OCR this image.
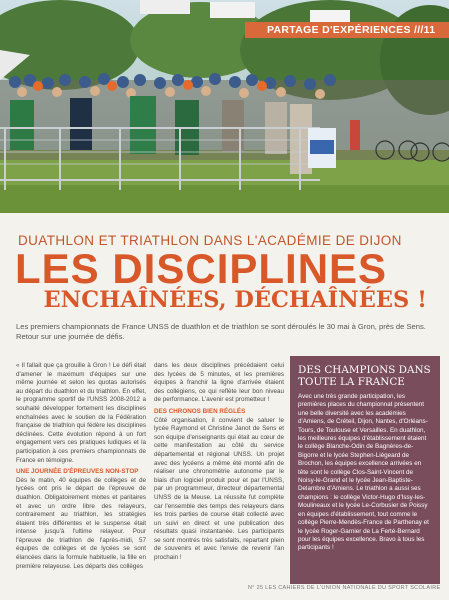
PARTAGE D'EXPÉRIENCES ///11
DUATHLON ET TRIATHLON DANS L'ACADÉMIE DE DIJON
LES DISCIPLINES
ENCHAÎNÉES, DÉCHAÎNÉES !
Les premiers championnats de France UNSS de duathlon et de triathlon se sont déroulés le 30 mai à Gron, près de Sens. Retour sur une journée de défis.

« Il fallait que ça grouille à Gron ! Le défi était d'amener le maximum d'équipes sur une même journée et selon les quotas autorisés au départ du duathlon et du triathlon. En effet, le programme sportif de l'UNSS 2008-2012 a souhaité développer fortement les disciplines enchaînées avec le soutien de la Fédération française de triathlon qui fédère les disciplines déclinées. Cette évolution répond à un fort engagement vers ces pratiques ludiques et la participation à ces premiers championnats de France en témoigne.

UNE JOURNÉE D'ÉPREUVES NON-STOP

Dès le matin, 40 équipes de collèges et de lycées ont pris le départ de l'épreuve de duathlon. Obligatoirement mixtes et paritaires et avec un ordre libre des relayeurs, contrairement au triathlon, les stratégies étaient très différentes et le suspense était intense jusqu'à l'ultime relayeur. Pour l'épreuve de triathlon de l'après-midi, 57 équipes de collèges et de lycées se sont élancées dans la formule habituelle, la fille en première relayeuse. Les départs des collèges

dans les deux disciplines précédaient celui des lycées de 5 minutes, et les premières équipes à franchir la ligne d'arrivée étaient des collégiens, ce qui reflète leur bon niveau de performance. L'avenir est prometteur !

DES CHRONOS BIEN RÉGLÉS

Côté organisation, il convient de saluer le lycée Raymond et Christine Janot de Sens et son équipe d'enseignants qui était au cœur de cette manifestation au côté du service départemental et régional UNSS. Un projet avec des lycéens a même été monté afin de réaliser une chronométrie autonome par le biais d'un logiciel produit pour et par l'UNSS, par un programmeur, directeur départemental UNSS de la Meuse. La réussite fut complète car l'ensemble des temps des relayeurs dans les trois parties de course était collecté avec un suivi en direct et une publication des résultats quasi instantanée. Les participants se sont montrés très satisfaits, repartant plein de souvenirs et avec l'envie de revenir l'an prochain !

DES CHAMPIONS DANS TOUTE LA FRANCE
Avec une très grande participation, les premières places du championnat présentent une belle diversité avec les académies d'Amiens, de Créteil, Dijon, Nantes, d'Orléans-Tours, de Toulouse et Versailles. En duathlon, les meilleures équipes d'établissement étaient le collège Blanche-Odin de Bagnères-de-Bigorre et le lycée Stephen-Liégeard de Brochon, les équipes excellence arrivées en tête sont le collège Clos-Saint-Vincent de Noisy-le-Grand et le lycée Jean-Baptiste-Delambre d'Amiens. Le triathlon a aussi ses champions : le collège Victor-Hugo d'Issy-les-Moulineaux et le lycée Le-Corbusier de Poissy en équipes d'établissement, tout comme le collège Pierre-Mendès-France de Parthenay et le lycée Roger-Garnier de La Ferté-Bernard pour les équipes excellence. Bravo à tous les participants !
N° 25 LES CAHIERS DE L'UNION NATIONALE DU SPORT SCOLAIRE
